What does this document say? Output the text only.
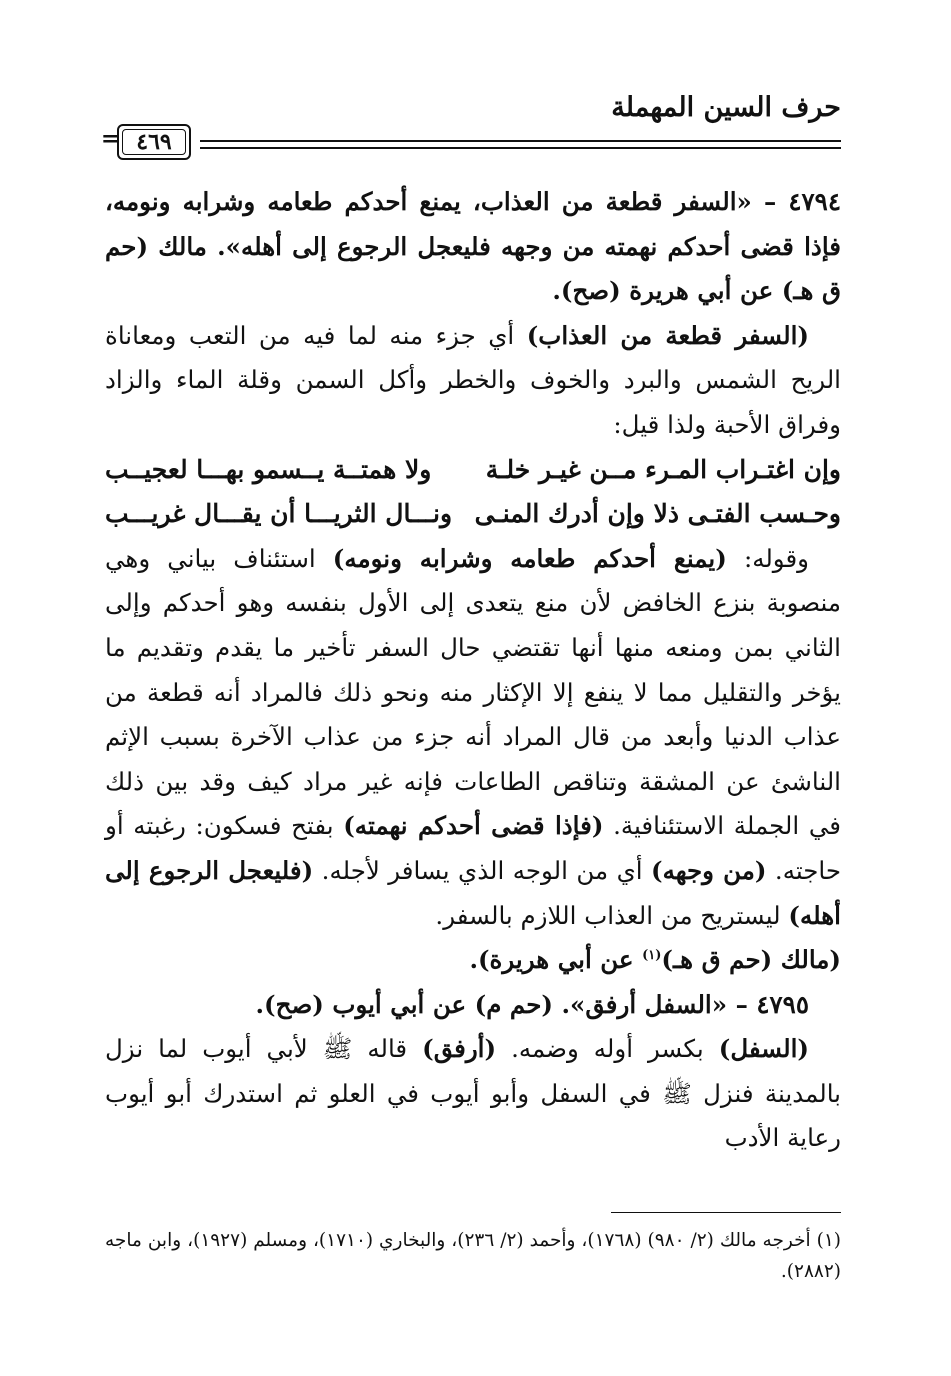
حرف السين المهملة
= ٤٦٩

٤٧٩٤ – «السفر قطعة من العذاب، يمنع أحدكم طعامه وشرابه ونومه، فإذا قضى أحدكم نهمته من وجهه فليعجل الرجوع إلى أهله». مالك (حم ق هـ) عن أبي هريرة (صح).

(السفر قطعة من العذاب) أي جزء منه لما فيه من التعب ومعاناة الريح الشمس والبرد والخوف والخطر وأكل السمن وقلة الماء والزاد وفراق الأحبة ولذا قيل:

وإن اغتـراب المـرء مــن غيـر خلـة
ولا همتــة يــسمو بهـــا لعجيــب
وحـسب الفتـى ذلا وإن أدرك المنـى
ونـــال الثريـــا أن يقـــال غريـــب

وقوله: (يمنع أحدكم طعامه وشرابه ونومه) استئناف بياني وهي منصوبة بنزع الخافض لأن منع يتعدى إلى الأول بنفسه وهو أحدكم وإلى الثاني بمن ومنعه منها أنها تقتضي حال السفر تأخير ما يقدم وتقديم ما يؤخر والتقليل مما لا ينفع إلا الإكثار منه ونحو ذلك فالمراد أنه قطعة من عذاب الدنيا وأبعد من قال المراد أنه جزء من عذاب الآخرة بسبب الإثم الناشئ عن المشقة وتناقص الطاعات فإنه غير مراد كيف وقد بين ذلك في الجملة الاستئنافية. (فإذا قضى أحدكم نهمته) بفتح فسكون: رغبته أو حاجته. (من وجهه) أي من الوجه الذي يسافر لأجله. (فليعجل الرجوع إلى أهله) ليستريح من العذاب اللازم بالسفر.

(مالك (حم ق هـ)$^{(١)}$ عن أبي هريرة).

٤٧٩٥ – «السفل أرفق». (حم م) عن أبي أيوب (صح).

(السفل) بكسر أوله وضمه. (أرفق) قاله ﷺ لأبي أيوب لما نزل بالمدينة فنزل ﷺ في السفل وأبو أيوب في العلو ثم استدرك أبو أيوب رعاية الأدب

(١) أخرجه مالك (٢/ ٩٨٠) (١٧٦٨)، وأحمد (٢/ ٢٣٦)، والبخاري (١٧١٠)، ومسلم (١٩٢٧)، وابن ماجه (٢٨٨٢).
